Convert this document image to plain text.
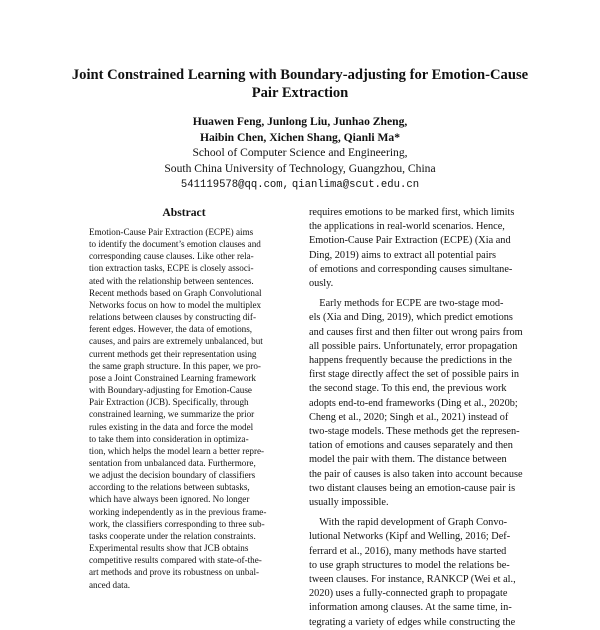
Joint Constrained Learning with Boundary-adjusting for Emotion-Cause
Pair Extraction
Huawen Feng, Junlong Liu, Junhao Zheng,
Haibin Chen, Xichen Shang, Qianli Ma*
School of Computer Science and Engineering,
South China University of Technology, Guangzhou, China
541119578@qq.com, qianlima@scut.edu.cn
Abstract
Emotion-Cause Pair Extraction (ECPE) aims
to identify the document’s emotion clauses and
corresponding cause clauses. Like other rela-
tion extraction tasks, ECPE is closely associ-
ated with the relationship between sentences.
Recent methods based on Graph Convolutional
Networks focus on how to model the multiplex
relations between clauses by constructing dif-
ferent edges. However, the data of emotions,
causes, and pairs are extremely unbalanced, but
current methods get their representation using
the same graph structure. In this paper, we pro-
pose a Joint Constrained Learning framework
with Boundary-adjusting for Emotion-Cause
Pair Extraction (JCB). Specifically, through
constrained learning, we summarize the prior
rules existing in the data and force the model
to take them into consideration in optimiza-
tion, which helps the model learn a better repre-
sentation from unbalanced data. Furthermore,
we adjust the decision boundary of classifiers
according to the relations between subtasks,
which have always been ignored. No longer
working independently as in the previous frame-
work, the classifiers corresponding to three sub-
tasks cooperate under the relation constraints.
Experimental results show that JCB obtains
competitive results compared with state-of-the-
art methods and prove its robustness on unbal-
anced data.
requires emotions to be marked first, which limits
the applications in real-world scenarios. Hence,
Emotion-Cause Pair Extraction (ECPE) (Xia and
Ding, 2019) aims to extract all potential pairs
of emotions and corresponding causes simultane-
ously.
Early methods for ECPE are two-stage mod-
els (Xia and Ding, 2019), which predict emotions
and causes first and then filter out wrong pairs from
all possible pairs. Unfortunately, error propagation
happens frequently because the predictions in the
first stage directly affect the set of possible pairs in
the second stage. To this end, the previous work
adopts end-to-end frameworks (Ding et al., 2020b;
Cheng et al., 2020; Singh et al., 2021) instead of
two-stage models. These methods get the represen-
tation of emotions and causes separately and then
model the pair with them. The distance between
the pair of causes is also taken into account because
two distant clauses being an emotion-cause pair is
usually impossible.
With the rapid development of Graph Convo-
lutional Networks (Kipf and Welling, 2016; Def-
ferrard et al., 2016), many methods have started
to use graph structures to model the relations be-
tween clauses. For instance, RANKCP (Wei et al.,
2020) uses a fully-connected graph to propagate
information among clauses. At the same time, in-
tegrating a variety of edges while constructing the
